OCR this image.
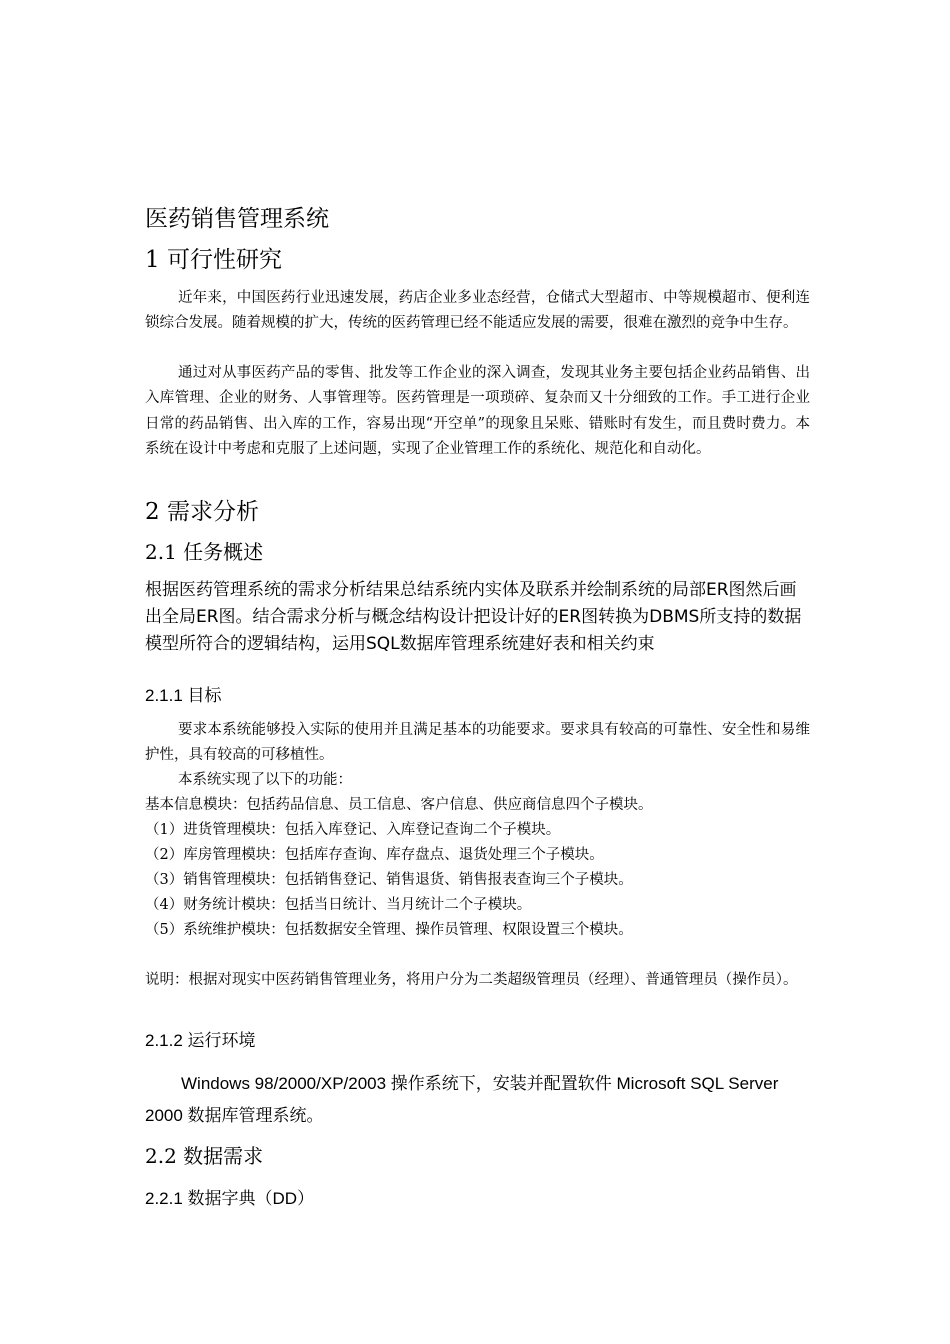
医药销售管理系统
1 可行性研究

近年来，中国医药行业迅速发展，药店企业多业态经营，仓储式大型超市、中等规模超市、便利连锁综合发展。随着规模的扩大，传统的医药管理已经不能适应发展的需要，很难在激烈的竞争中生存。

通过对从事医药产品的零售、批发等工作企业的深入调查，发现其业务主要包括企业药品销售、出入库管理、企业的财务、人事管理等。医药管理是一项琐碎、复杂而又十分细致的工作。手工进行企业日常的药品销售、出入库的工作，容易出现“开空单”的现象且呆账、错账时有发生，而且费时费力。本系统在设计中考虑和克服了上述问题，实现了企业管理工作的系统化、规范化和自动化。

2 需求分析
2.1 任务概述

根据医药管理系统的需求分析结果总结系统内实体及联系并绘制系统的局部ER图然后画出全局ER图。结合需求分析与概念结构设计把设计好的ER图转换为DBMS所支持的数据模型所符合的逻辑结构，运用SQL数据库管理系统建好表和相关约束

2.1.1 目标

要求本系统能够投入实际的使用并且满足基本的功能要求。要求具有较高的可靠性、安全性和易维护性，具有较高的可移植性。

本系统实现了以下的功能：

基本信息模块：包括药品信息、员工信息、客户信息、供应商信息四个子模块。
（1）进货管理模块：包括入库登记、入库登记查询二个子模块。
（2）库房管理模块：包括库存查询、库存盘点、退货处理三个子模块。
（3）销售管理模块：包括销售登记、销售退货、销售报表查询三个子模块。
（4）财务统计模块：包括当日统计、当月统计二个子模块。
（5）系统维护模块：包括数据安全管理、操作员管理、权限设置三个模块。

说明：根据对现实中医药销售管理业务，将用户分为二类超级管理员（经理）、普通管理员（操作员）。

2.1.2 运行环境

Windows 98/2000/XP/2003 操作系统下，安装并配置软件 Microsoft SQL Server 2000 数据库管理系统。

2.2 数据需求
2.2.1 数据字典（DD）
